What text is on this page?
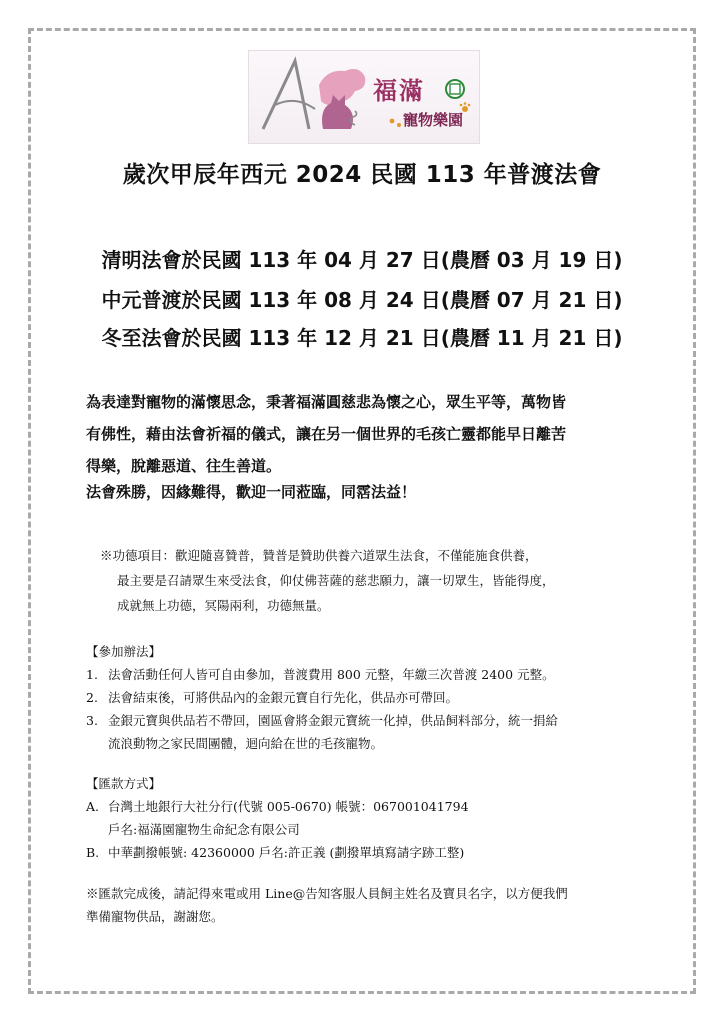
福滿
寵物樂園
歲次甲辰年西元 2024 民國 113 年普渡法會
清明法會於民國 113 年 04 月 27 日(農曆 03 月 19 日)
中元普渡於民國 113 年 08 月 24 日(農曆 07 月 21 日)
冬至法會於民國 113 年 12 月 21 日(農曆 11 月 21 日)
為表達對寵物的滿懷思念，秉著福滿圓慈悲為懷之心，眾生平等，萬物皆
有佛性，藉由法會祈福的儀式，讓在另一個世界的毛孩亡靈都能早日離苦
得樂，脫離惡道、往生善道。
法會殊勝，因緣難得，歡迎一同蒞臨，同霑法益！
※功德項目：歡迎隨喜贊普，贊普是贊助供養六道眾生法食，不僅能施食供養，
最主要是召請眾生來受法食，仰仗佛菩薩的慈悲願力，讓一切眾生，皆能得度，
成就無上功德，冥陽兩利，功德無量。
【參加辦法】
1. 法會活動任何人皆可自由參加，普渡費用 800 元整，年繳三次普渡 2400 元整。
2. 法會結束後，可將供品內的金銀元寶自行先化，供品亦可帶回。
3. 金銀元寶與供品若不帶回，園區會將金銀元寶統一化掉，供品飼料部分，統一捐給
流浪動物之家民間團體，迴向給在世的毛孩寵物。
【匯款方式】
A. 台灣土地銀行大社分行(代號 005-0670) 帳號：067001041794
戶名:福滿園寵物生命紀念有限公司
B. 中華劃撥帳號: 42360000 戶名:許正義 (劃撥單填寫請字跡工整)
※匯款完成後，請記得來電或用 Line@告知客服人員飼主姓名及寶貝名字，以方便我們
準備寵物供品，謝謝您。
